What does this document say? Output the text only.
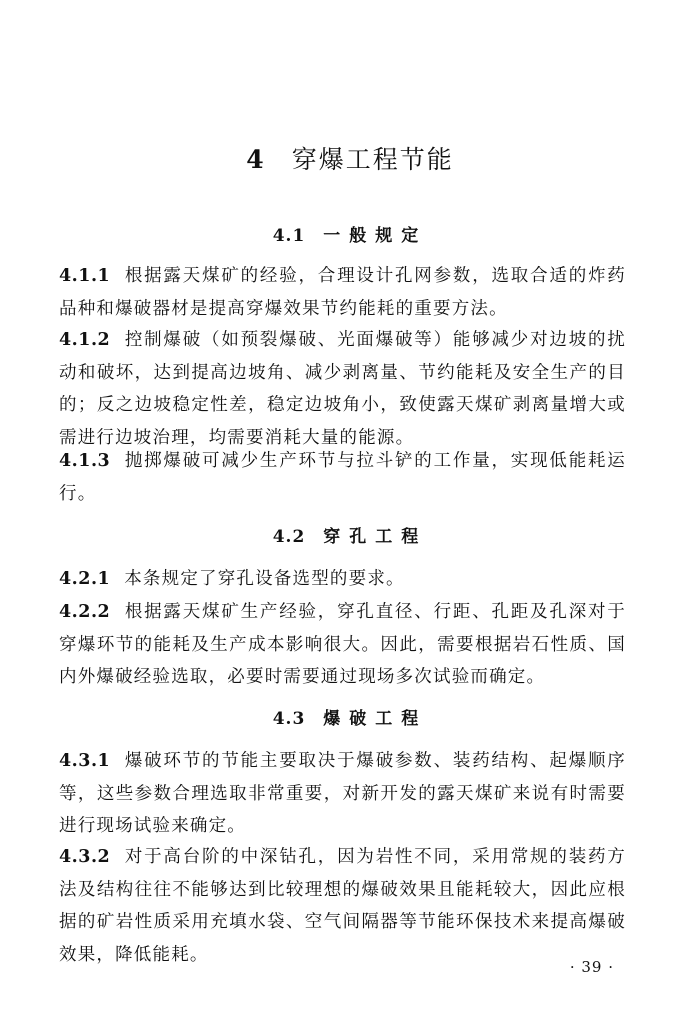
4 穿爆工程节能
4.1 一般规定
4.1.1 根据露天煤矿的经验，合理设计孔网参数，选取合适的炸药品种和爆破器材是提高穿爆效果节约能耗的重要方法。
4.1.2 控制爆破（如预裂爆破、光面爆破等）能够减少对边坡的扰动和破坏，达到提高边坡角、减少剥离量、节约能耗及安全生产的目的；反之边坡稳定性差，稳定边坡角小，致使露天煤矿剥离量增大或需进行边坡治理，均需要消耗大量的能源。
4.1.3 抛掷爆破可减少生产环节与拉斗铲的工作量，实现低能耗运行。
4.2 穿孔工程
4.2.1 本条规定了穿孔设备选型的要求。
4.2.2 根据露天煤矿生产经验，穿孔直径、行距、孔距及孔深对于穿爆环节的能耗及生产成本影响很大。因此，需要根据岩石性质、国内外爆破经验选取，必要时需要通过现场多次试验而确定。
4.3 爆破工程
4.3.1 爆破环节的节能主要取决于爆破参数、装药结构、起爆顺序等，这些参数合理选取非常重要，对新开发的露天煤矿来说有时需要进行现场试验来确定。
4.3.2 对于高台阶的中深钻孔，因为岩性不同，采用常规的装药方法及结构往往不能够达到比较理想的爆破效果且能耗较大，因此应根据的矿岩性质采用充填水袋、空气间隔器等节能环保技术来提高爆破效果，降低能耗。
· 39 ·
